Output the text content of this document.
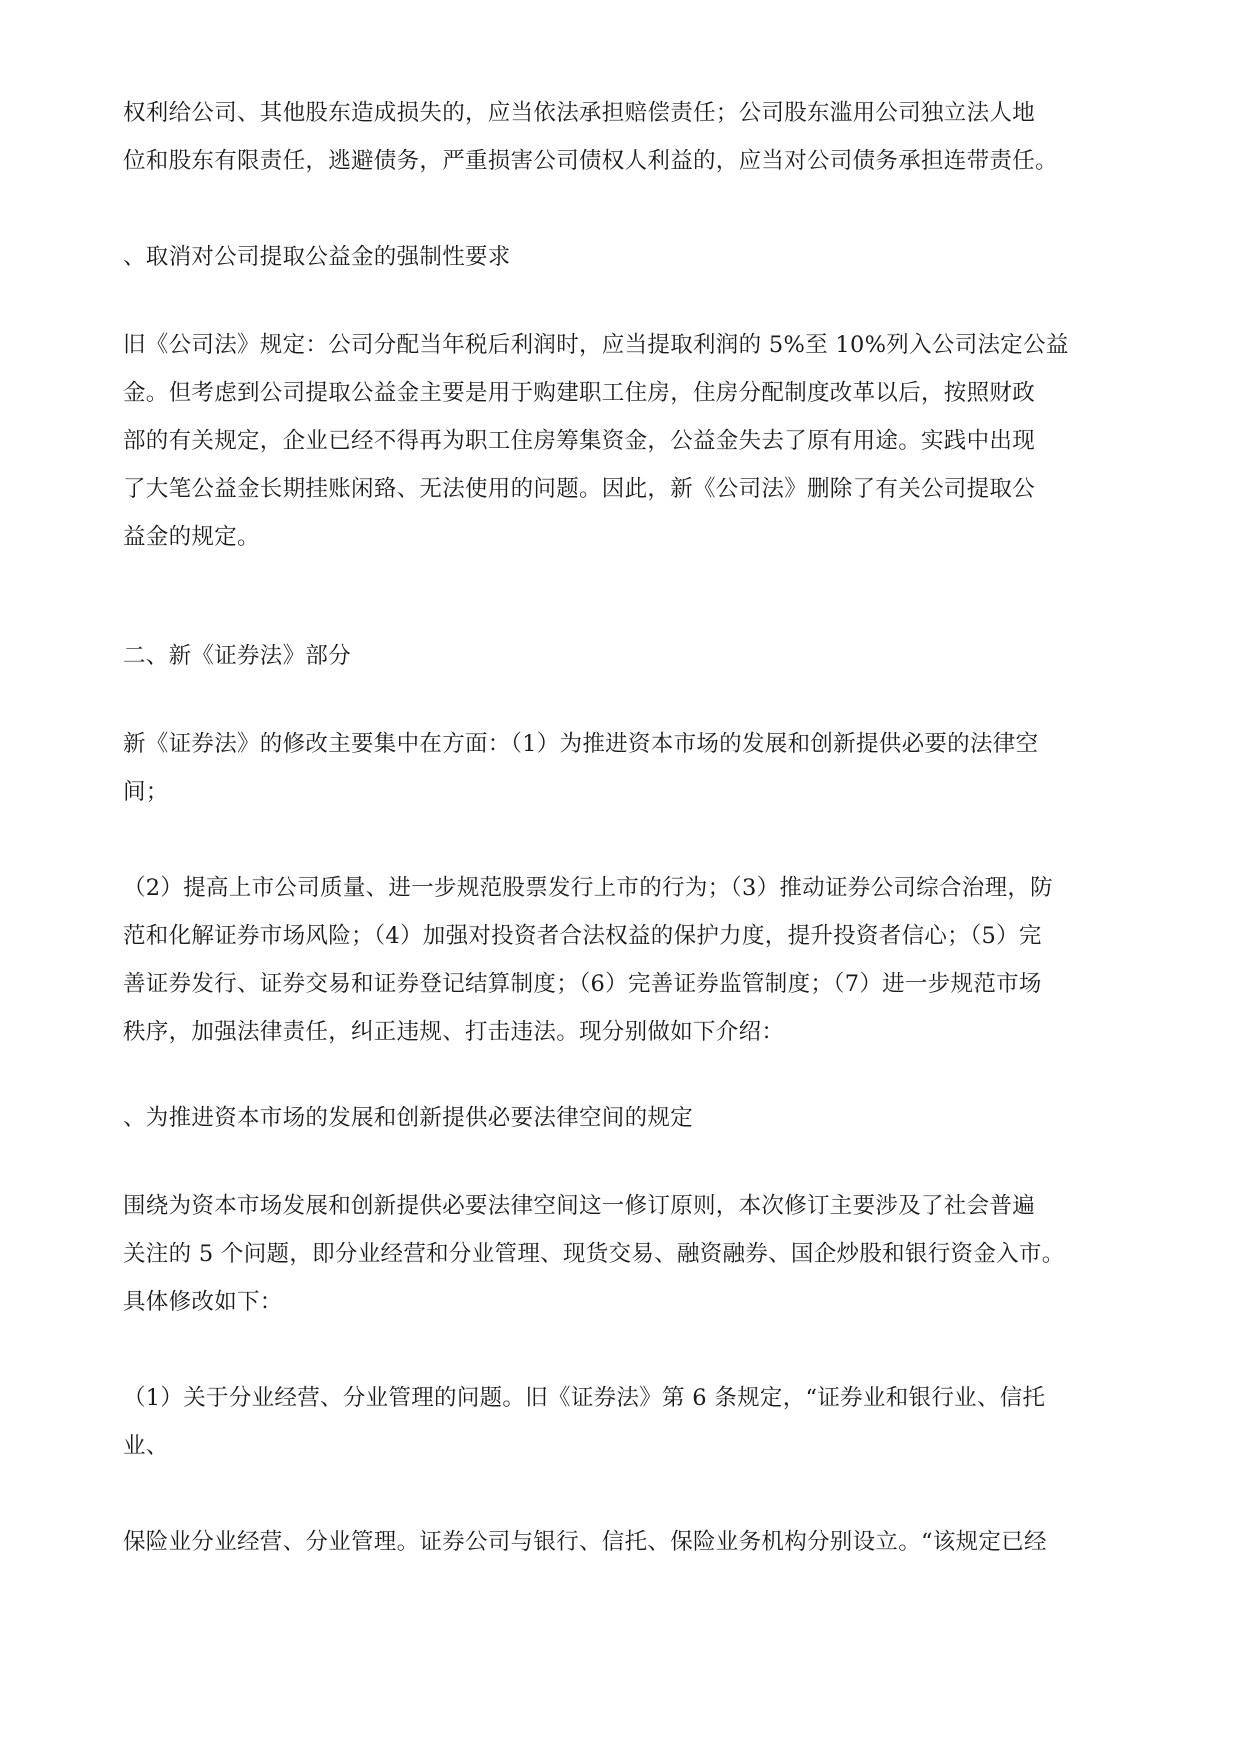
权利给公司、其他股东造成损失的，应当依法承担赔偿责任；公司股东滥用公司独立法人地
位和股东有限责任，逃避债务，严重损害公司债权人利益的，应当对公司债务承担连带责任。
、取消对公司提取公益金的强制性要求
旧《公司法》规定：公司分配当年税后利润时，应当提取利润的 5%至 10%列入公司法定公益
金。但考虑到公司提取公益金主要是用于购建职工住房，住房分配制度改革以后，按照财政
部的有关规定，企业已经不得再为职工住房筹集资金，公益金失去了原有用途。实践中出现
了大笔公益金长期挂账闲臵、无法使用的问题。因此，新《公司法》删除了有关公司提取公
益金的规定。
二、新《证券法》部分
新《证券法》的修改主要集中在方面：（1）为推进资本市场的发展和创新提供必要的法律空
间；
（2）提高上市公司质量、进一步规范股票发行上市的行为；（3）推动证券公司综合治理，防
范和化解证券市场风险；（4）加强对投资者合法权益的保护力度，提升投资者信心；（5）完
善证券发行、证券交易和证券登记结算制度；（6）完善证券监管制度；（7）进一步规范市场
秩序，加强法律责任，纠正违规、打击违法。现分别做如下介绍：
、为推进资本市场的发展和创新提供必要法律空间的规定
围绕为资本市场发展和创新提供必要法律空间这一修订原则，本次修订主要涉及了社会普遍
关注的 5 个问题，即分业经营和分业管理、现货交易、融资融券、国企炒股和银行资金入市。
具体修改如下：
（1）关于分业经营、分业管理的问题。旧《证券法》第 6 条规定，“证券业和银行业、信托
业、
保险业分业经营、分业管理。证券公司与银行、信托、保险业务机构分别设立。“该规定已经
